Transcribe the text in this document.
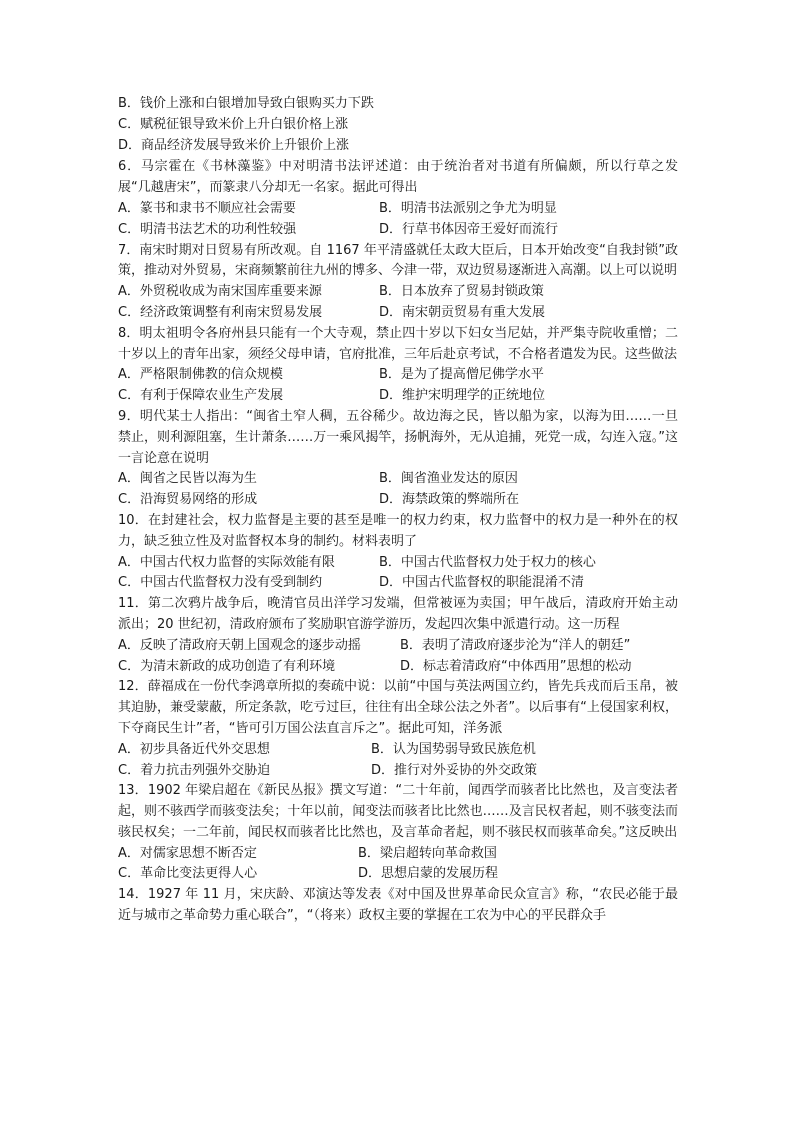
B．钱价上涨和白银增加导致白银购买力下跌
C．赋税征银导致米价上升白银价格上涨
D．商品经济发展导致米价上升银价上涨
6．马宗霍在《书林藻鉴》中对明清书法评述道：由于统治者对书道有所偏颇，所以行草之发展“几越唐宋”，而篆隶八分却无一名家。据此可得出
A．篆书和隶书不顺应社会需要	B．明清书法派别之争尤为明显
C．明清书法艺术的功利性较强	D．行草书体因帝王爱好而流行
7．南宋时期对日贸易有所改观。自 1167 年平清盛就任太政大臣后，日本开始改变“自我封锁”政策，推动对外贸易，宋商频繁前往九州的博多、今津一带，双边贸易逐渐进入高潮。以上可以说明
A．外贸税收成为南宋国库重要来源	B．日本放弃了贸易封锁政策
C．经济政策调整有利南宋贸易发展	D．南宋朝贡贸易有重大发展
8．明太祖明令各府州县只能有一个大寺观，禁止四十岁以下妇女当尼姑，并严集寺院收重憎；二十岁以上的青年出家，须经父母申请，官府批准，三年后赴京考试，不合格者遣发为民。这些做法
A．严格限制佛教的信众规模	B．是为了提高僧尼佛学水平
C．有利于保障农业生产发展	D．维护宋明理学的正统地位
9．明代某士人指出：“闽省土窄人稠，五谷稀少。故边海之民，皆以船为家，以海为田……一旦禁止，则利源阻塞，生计萧条……万一乘风揭竿，扬帆海外，无从追捕，死党一成，勾连入寇。”这一言论意在说明
A．闽省之民皆以海为生	B．闽省渔业发达的原因
C．沿海贸易网络的形成	D．海禁政策的弊端所在
10．在封建社会，权力监督是主要的甚至是唯一的权力约束，权力监督中的权力是一种外在的权力，缺乏独立性及对监督权本身的制约。材料表明了
A．中国古代权力监督的实际效能有限	B．中国古代监督权力处于权力的核心
C．中国古代监督权力没有受到制约	D．中国古代监督权的职能混淆不清
11．第二次鸦片战争后，晚清官员出洋学习发端，但常被诬为卖国；甲午战后，清政府开始主动派出；20 世纪初，清政府颁布了奖励职官游学游历，发起四次集中派遣行动。这一历程
A．反映了清政府天朝上国观念的逐步动摇	B．表明了清政府逐步沦为“洋人的朝廷”
C．为清末新政的成功创造了有利环境	D．标志着清政府“中体西用”思想的松动
12．薛福成在一份代李鸿章所拟的奏疏中说：以前“中国与英法两国立约，皆先兵戎而后玉帛，被其迫胁，兼受蒙蔽，所定条款，吃亏过巨，往往有出全球公法之外者”。以后事有“上侵国家利权，下夺商民生计”者，“皆可引万国公法直言斥之”。据此可知，洋务派
A．初步具备近代外交思想	B．认为国势弱导致民族危机
C．着力抗击列强外交胁迫	D．推行对外妥协的外交政策
13．1902 年梁启超在《新民丛报》撰文写道：“二十年前，闻西学而骇者比比然也，及言变法者起，则不骇西学而骇变法矣；十年以前，闻变法而骇者比比然也……及言民权者起，则不骇变法而骇民权矣；一二年前，闻民权而骇者比比然也，及言革命者起，则不骇民权而骇革命矣。”这反映出
A．对儒家思想不断否定	B．梁启超转向革命救国
C．革命比变法更得人心	D．思想启蒙的发展历程
14．1927 年 11 月，宋庆龄、邓演达等发表《对中国及世界革命民众宣言》称，“农民必能于最近与城市之革命势力重心联合”，“（将来）政权主要的掌握在工农为中心的平民群众手
